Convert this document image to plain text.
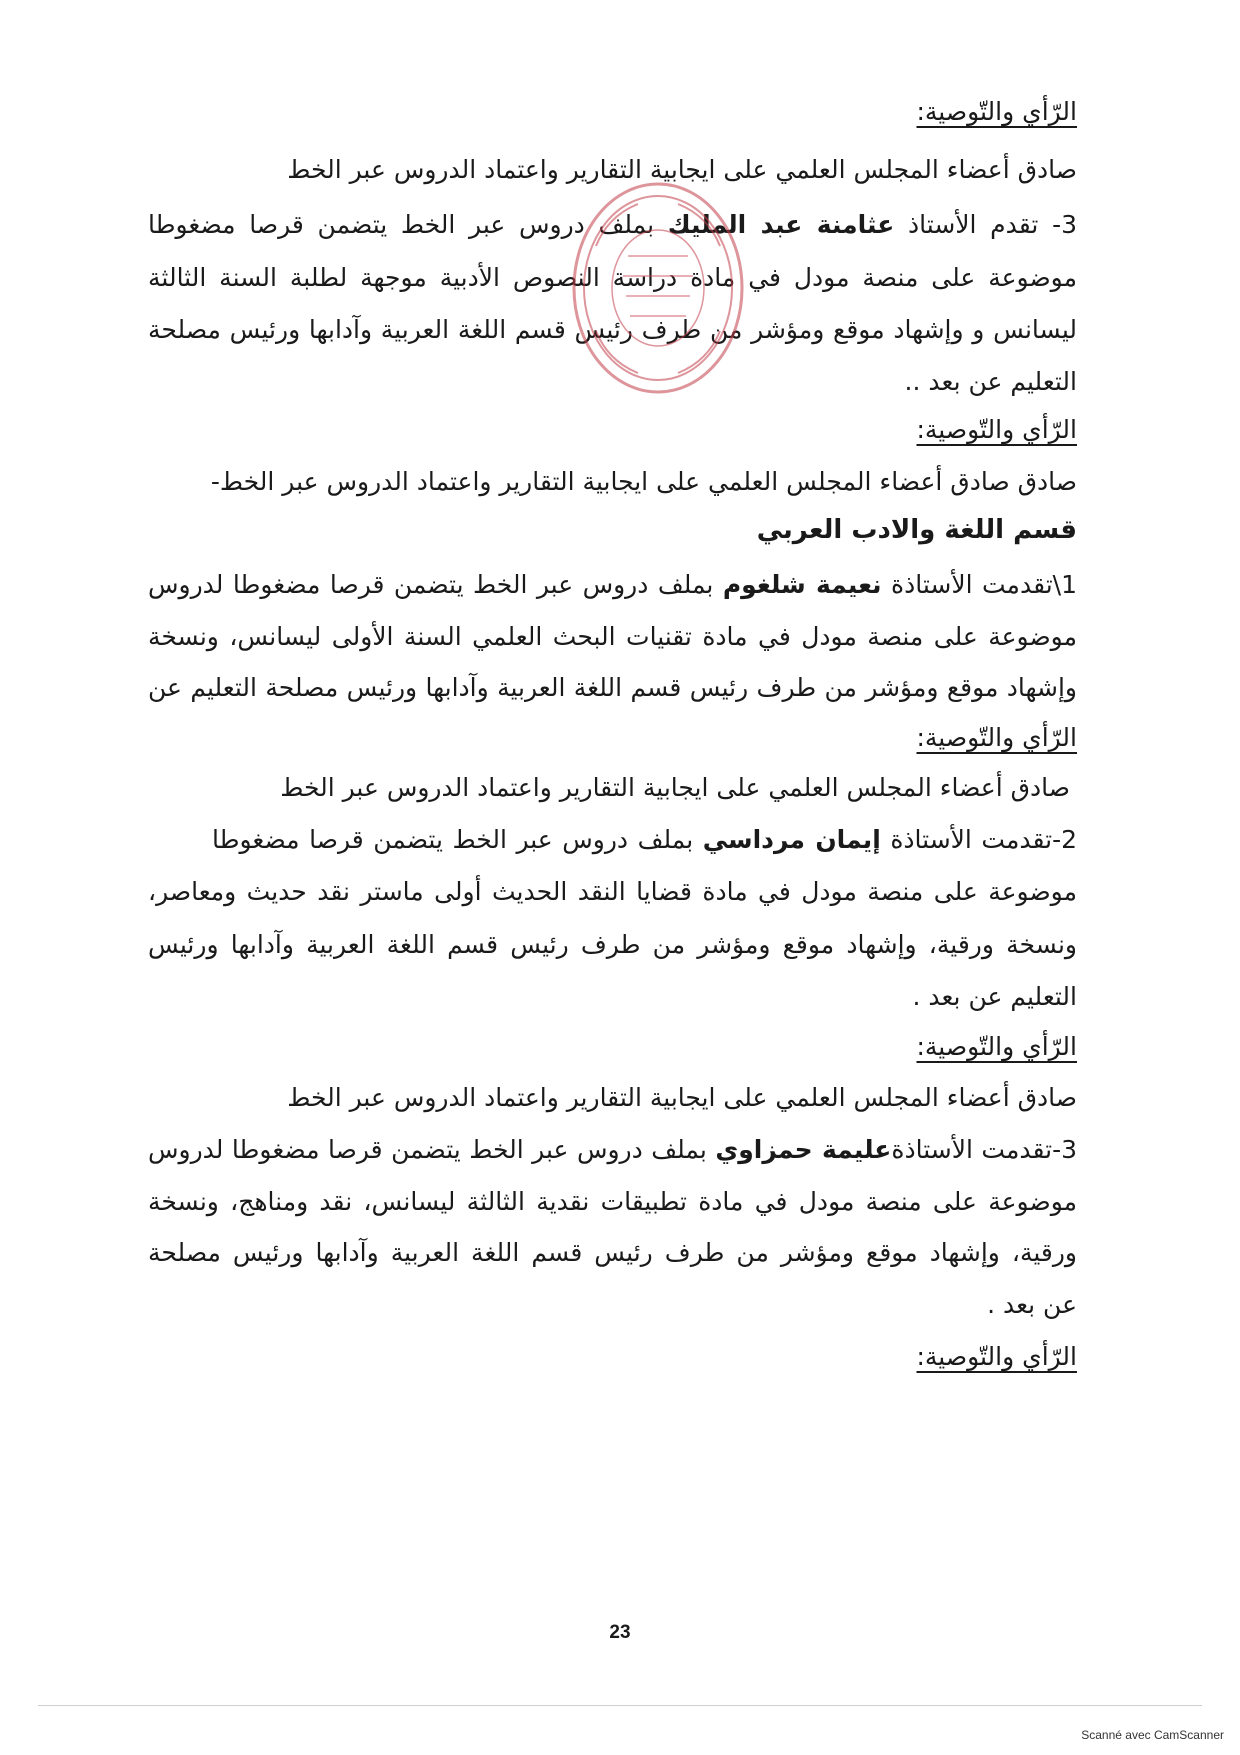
الرّأي والتّوصية:
صادق أعضاء المجلس العلمي على ايجابية التقارير واعتماد الدروس عبر الخط
3- تقدم الأستاذ عثامنة عبد المليك بملف دروس عبر الخط يتضمن قرصا مضغوطا
موضوعة على منصة مودل في مادة دراسة النصوص الأدبية موجهة لطلبة السنة الثالثة
ليسانس و وإشهاد موقع ومؤشر من طرف رئيس قسم اللغة العربية وآدابها ورئيس مصلحة
التعليم عن بعد ..
الرّأي والتّوصية:
صادق صادق أعضاء المجلس العلمي على ايجابية التقارير واعتماد الدروس عبر الخط-
قسم اللغة والادب العربي
1\تقدمت الأستاذة نعيمة شلغوم بملف دروس عبر الخط يتضمن قرصا مضغوطا لدروس
موضوعة على منصة مودل في مادة تقنيات البحث العلمي السنة الأولى ليسانس، ونسخة
وإشهاد موقع ومؤشر من طرف رئيس قسم اللغة العربية وآدابها ورئيس مصلحة التعليم عن
الرّأي والتّوصية:
صادق أعضاء المجلس العلمي على ايجابية التقارير واعتماد الدروس عبر الخط
2-تقدمت الأستاذة إيمان مرداسي بملف دروس عبر الخط يتضمن قرصا مضغوطا
موضوعة على منصة مودل في مادة قضايا النقد الحديث أولى ماستر نقد حديث ومعاصر،
ونسخة ورقية، وإشهاد موقع ومؤشر من طرف رئيس قسم اللغة العربية وآدابها ورئيس
التعليم عن بعد .
الرّأي والتّوصية:
صادق أعضاء المجلس العلمي على ايجابية التقارير واعتماد الدروس عبر الخط
3-تقدمت الأستاذةعليمة حمزاوي بملف دروس عبر الخط يتضمن قرصا مضغوطا لدروس
موضوعة على منصة مودل في مادة تطبيقات نقدية الثالثة ليسانس، نقد ومناهج، ونسخة
ورقية، وإشهاد موقع ومؤشر من طرف رئيس قسم اللغة العربية وآدابها ورئيس مصلحة
عن بعد .
الرّأي والتّوصية:
23
Scanné avec CamScanner
